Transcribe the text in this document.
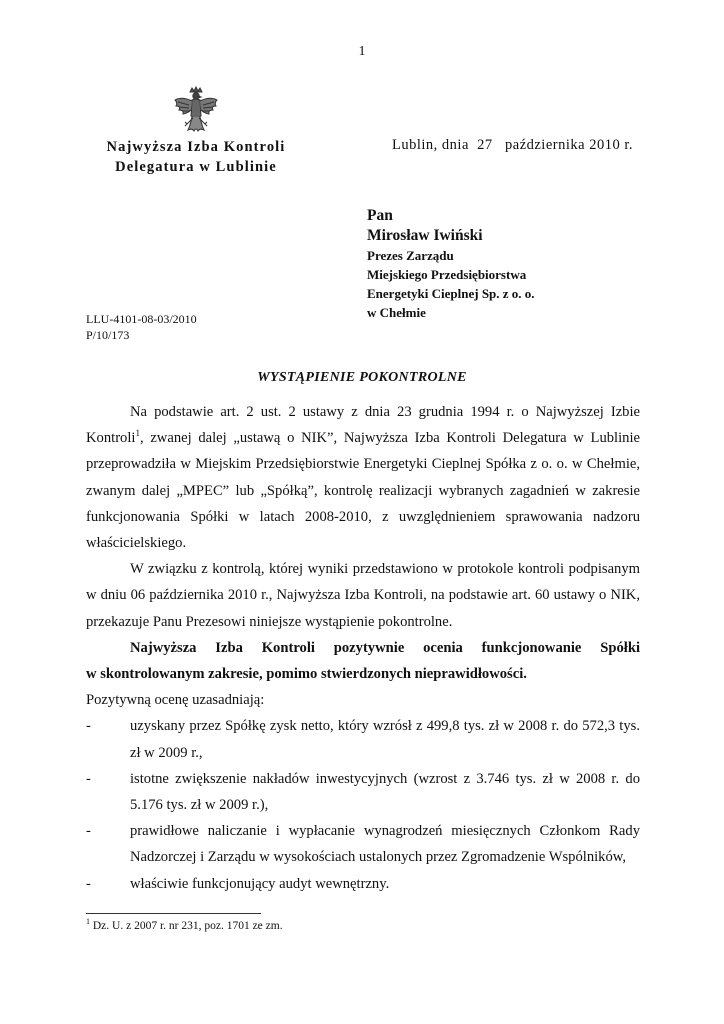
1
Najwyższa Izba Kontroli
Delegatura w Lublinie
Lublin, dnia  27   października 2010 r.
Pan
Mirosław Iwiński
Prezes Zarządu
Miejskiego Przedsiębiorstwa
Energetyki Cieplnej Sp. z o. o.
w Chełmie
LLU-4101-08-03/2010
P/10/173
WYSTĄPIENIE POKONTROLNE

Na podstawie art. 2 ust. 2 ustawy z dnia 23 grudnia 1994 r. o Najwyższej Izbie Kontroli$^1$, zwanej dalej „ustawą o NIK”, Najwyższa Izba Kontroli Delegatura w Lublinie przeprowadziła w Miejskim Przedsiębiorstwie Energetyki Cieplnej Spółka z o. o. w Chełmie, zwanym dalej „MPEC” lub „Spółką”, kontrolę realizacji wybranych zagadnień w zakresie funkcjonowania Spółki w latach 2008-2010, z uwzględnieniem sprawowania nadzoru właścicielskiego.

W związku z kontrolą, której wyniki przedstawiono w protokole kontroli podpisanym w dniu 06 października 2010 r., Najwyższa Izba Kontroli, na podstawie art. 60 ustawy o NIK, przekazuje Panu Prezesowi niniejsze wystąpienie pokontrolne.

Najwyższa Izba Kontroli pozytywnie ocenia funkcjonowanie Spółki

w skontrolowanym zakresie, pomimo stwierdzonych nieprawidłowości.

Pozytywną ocenę uzasadniają:

-	uzyskany przez Spółkę zysk netto, który wzrósł z 499,8 tys. zł w 2008 r. do 572,3 tys. zł w 2009 r.,

-	istotne zwiększenie nakładów inwestycyjnych (wzrost z 3.746 tys. zł w 2008 r. do 5.176 tys. zł w 2009 r.),

-	prawidłowe naliczanie i wypłacanie wynagrodzeń miesięcznych Członkom Rady Nadzorczej i Zarządu w wysokościach ustalonych przez Zgromadzenie Wspólników,

-	właściwie funkcjonujący audyt wewnętrzny.

$^1$ Dz. U. z 2007 r. nr 231, poz. 1701 ze zm.
